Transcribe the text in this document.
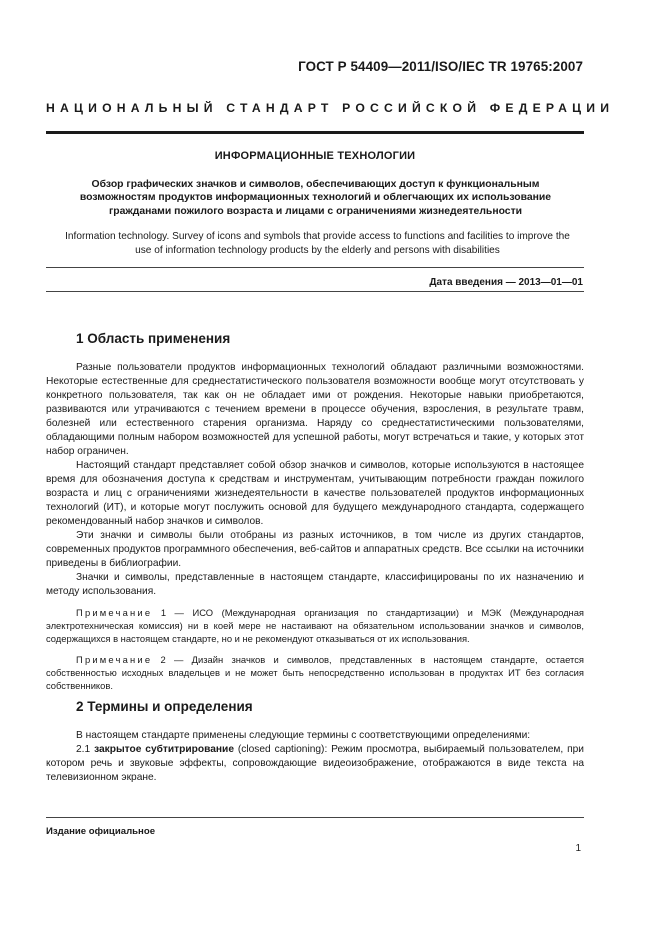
ГОСТ Р 54409—2011/ISO/IEC TR 19765:2007
НАЦИОНАЛЬНЫЙ СТАНДАРТ РОССИЙСКОЙ ФЕДЕРАЦИИ
ИНФОРМАЦИОННЫЕ ТЕХНОЛОГИИ
Обзор графических значков и символов, обеспечивающих доступ к функциональным возможностям продуктов информационных технологий и облегчающих их использование гражданами пожилого возраста и лицами с ограничениями жизнедеятельности
Information technology. Survey of icons and symbols that provide access to functions and facilities to improve the use of information technology products by the elderly and persons with disabilities
Дата введения — 2013—01—01
1 Область применения

Разные пользователи продуктов информационных технологий обладают различными возможностями. Некоторые естественные для среднестатистического пользователя возможности вообще могут отсутствовать у конкретного пользователя, так как он не обладает ими от рождения. Некоторые навыки приобретаются, развиваются или утрачиваются с течением времени в процессе обучения, взросления, в результате травм, болезней или естественного старения организма. Наряду со среднестатистическими пользователями, обладающими полным набором возможностей для успешной работы, могут встречаться и такие, у которых этот набор ограничен.

Настоящий стандарт представляет собой обзор значков и символов, которые используются в настоящее время для обозначения доступа к средствам и инструментам, учитывающим потребности граждан пожилого возраста и лиц с ограничениями жизнедеятельности в качестве пользователей продуктов информационных технологий (ИТ), и которые могут послужить основой для будущего международного стандарта, содержащего рекомендованный набор значков и символов.

Эти значки и символы были отобраны из разных источников, в том числе из других стандартов, современных продуктов программного обеспечения, веб-сайтов и аппаратных средств. Все ссылки на источники приведены в библиографии.

Значки и символы, представленные в настоящем стандарте, классифицированы по их назначению и методу использования.

Примечание 1 — ИСО (Международная организация по стандартизации) и МЭК (Международная электротехническая комиссия) ни в коей мере не настаивают на обязательном использовании значков и символов, содержащихся в настоящем стандарте, но и не рекомендуют отказываться от их использования.

Примечание 2 — Дизайн значков и символов, представленных в настоящем стандарте, остается собственностью исходных владельцев и не может быть непосредственно использован в продуктах ИТ без согласия собственников.

2 Термины и определения

В настоящем стандарте применены следующие термины с соответствующими определениями:

2.1 закрытое субтитрирование (closed captioning): Режим просмотра, выбираемый пользователем, при котором речь и звуковые эффекты, сопровождающие видеоизображение, отображаются в виде текста на телевизионном экране.

Издание официальное
1
